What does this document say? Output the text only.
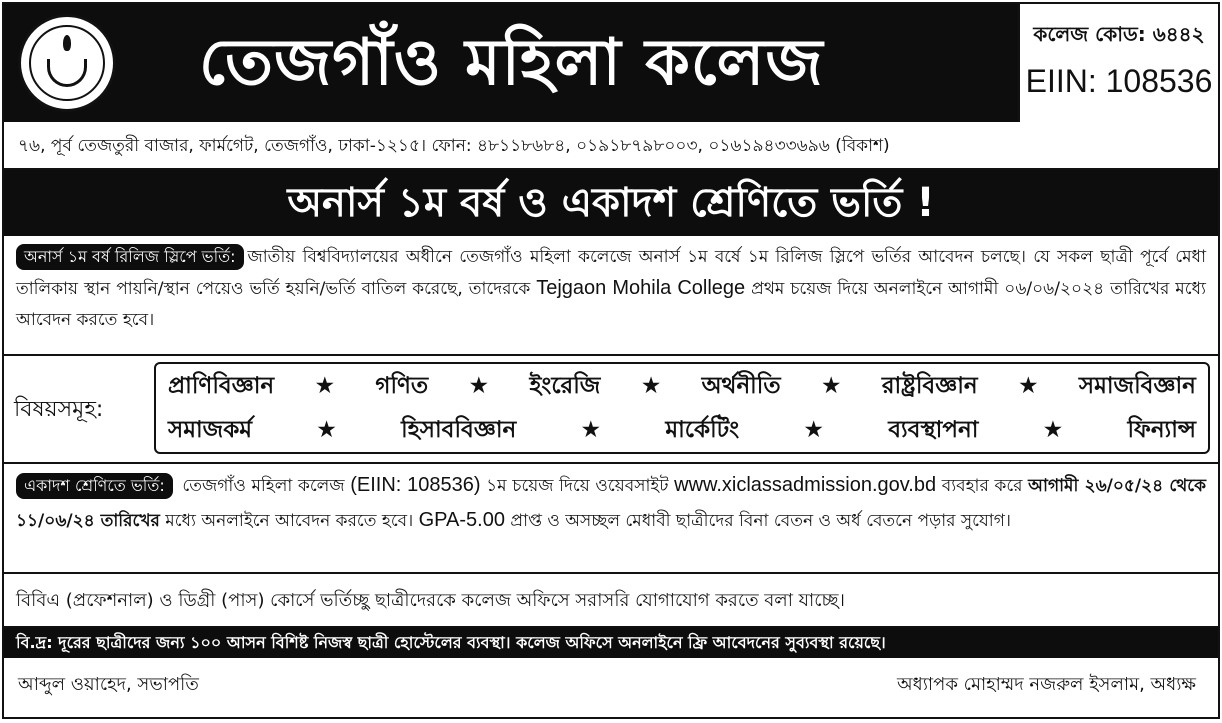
তেজগাঁও মহিলা কলেজ	কলেজ কোড: ৬৪৪২
EIIN: 108536
৭৬, পূর্ব তেজতুরী বাজার, ফার্মগেট, তেজগাঁও, ঢাকা-১২১৫। ফোন: ৪৮১১৮৬৮৪, ০১৯১৮৭৯৮০০৩, ০১৬১৯৪৩৩৬৯৬ (বিকাশ)
অনার্স ১ম বর্ষ ও একাদশ শ্রেণিতে ভর্তি !
অনার্স ১ম বর্ষ রিলিজ স্লিপে ভর্তি: জাতীয় বিশ্ববিদ্যালয়ের অধীনে তেজগাঁও মহিলা কলেজে অনার্স ১ম বর্ষে ১ম রিলিজ স্লিপে ভর্তির আবেদন চলছে। যে সকল ছাত্রী পূর্বে মেধা তালিকায় স্থান পায়নি/স্থান পেয়েও ভর্তি হয়নি/ভর্তি বাতিল করেছে, তাদেরকে Tejgaon Mohila College প্রথম চয়েজ দিয়ে অনলাইনে আগামী ০৬/০৬/২০২৪ তারিখের মধ্যে আবেদন করতে হবে।
বিষয়সমূহ:
প্রাণিবিজ্ঞান ★ গণিত ★ ইংরেজি ★ অর্থনীতি ★ রাষ্ট্রবিজ্ঞান ★ সমাজবিজ্ঞান
সমাজকর্ম	★	হিসাববিজ্ঞান	★	মার্কেটিং	★	ব্যবস্থাপনা	★	ফিন্যান্স
একাদশ শ্রেণিতে ভর্তি: তেজগাঁও মহিলা কলেজ (EIIN: 108536) ১ম চয়েজ দিয়ে ওয়েবসাইট www.xiclassadmission.gov.bd ব্যবহার করে আগামী ২৬/০৫/২৪ থেকে ১১/০৬/২৪ তারিখের মধ্যে অনলাইনে আবেদন করতে হবে। GPA-5.00 প্রাপ্ত ও অসচ্ছল মেধাবী ছাত্রীদের বিনা বেতন ও অর্ধ বেতনে পড়ার সুযোগ।
বিবিএ (প্রফেশনাল) ও ডিগ্রী (পাস) কোর্সে ভর্তিচ্ছু ছাত্রীদেরকে কলেজ অফিসে সরাসরি যোগাযোগ করতে বলা যাচ্ছে।
বি.দ্র: দূরের ছাত্রীদের জন্য ১০০ আসন বিশিষ্ট নিজস্ব ছাত্রী হোস্টেলের ব্যবস্থা। কলেজ অফিসে অনলাইনে ফ্রি আবেদনের সুব্যবস্থা রয়েছে।
আব্দুল ওয়াহেদ, সভাপতি	অধ্যাপক মোহাম্মদ নজরুল ইসলাম, অধ্যক্ষ
